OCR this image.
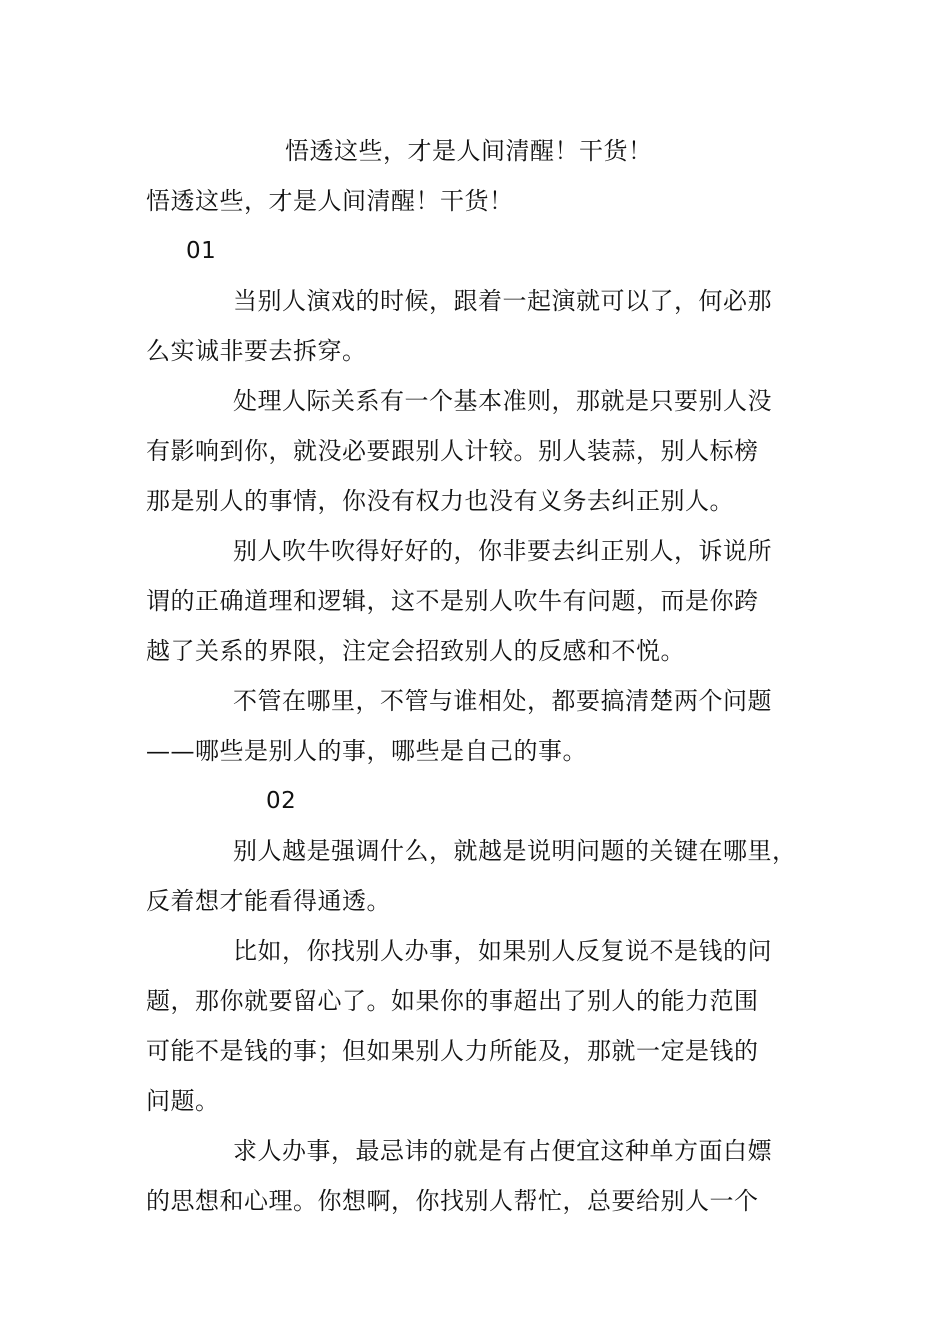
悟透这些，才是人间清醒！干货！
悟透这些，才是人间清醒！干货！
01
当别人演戏的时候，跟着一起演就可以了，何必那
么实诚非要去拆穿。
处理人际关系有一个基本准则，那就是只要别人没
有影响到你，就没必要跟别人计较。别人装蒜，别人标榜
那是别人的事情，你没有权力也没有义务去纠正别人。
别人吹牛吹得好好的，你非要去纠正别人，诉说所
谓的正确道理和逻辑，这不是别人吹牛有问题，而是你跨
越了关系的界限，注定会招致别人的反感和不悦。
不管在哪里，不管与谁相处，都要搞清楚两个问题
——哪些是别人的事，哪些是自己的事。
02
别人越是强调什么，就越是说明问题的关键在哪里，
反着想才能看得通透。
比如，你找别人办事，如果别人反复说不是钱的问
题，那你就要留心了。如果你的事超出了别人的能力范围
可能不是钱的事；但如果别人力所能及，那就一定是钱的
问题。
求人办事，最忌讳的就是有占便宜这种单方面白嫖
的思想和心理。你想啊，你找别人帮忙，总要给别人一个
